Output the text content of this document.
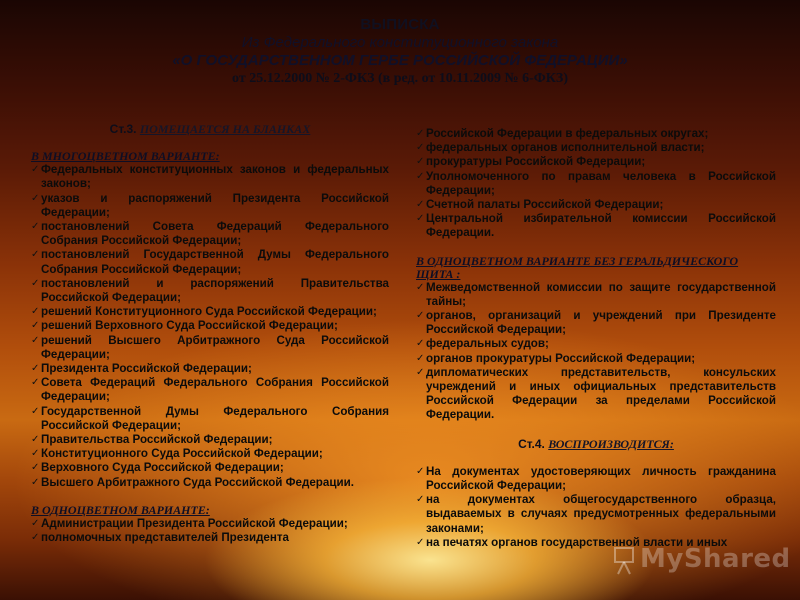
ВЫПИСКА
Из Федерального конституционного закона
«О ГОСУДАРСТВЕННОМ ГЕРБЕ РОССИЙСКОЙ ФЕДЕРАЦИИ»
от 25.12.2000 № 2-ФКЗ (в ред. от 10.11.2009 № 6-ФКЗ)
Ст.3. ПОМЕЩАЕТСЯ НА БЛАНКАХ
В МНОГОЦВЕТНОМ ВАРИАНТЕ:
✓ Федеральных конституционных законов и федеральных законов;
✓ указов и распоряжений Президента Российской Федерации;
✓ постановлений Совета Федераций Федерального Собрания Российской Федерации;
✓ постановлений Государственной Думы Федерального Собрания Российской Федерации;
✓ постановлений и распоряжений Правительства Российской Федерации;
✓ решений Конституционного Суда Российской Федерации;
✓ решений Верховного Суда Российской Федерации;
✓ решений Высшего Арбитражного Суда Российской Федерации;
✓ Президента Российской Федерации;
✓ Совета Федераций Федерального Собрания Российской Федерации;
✓ Государственной Думы Федерального Собрания Российской Федерации;
✓ Правительства Российской Федерации;
✓ Конституционного Суда Российской Федерации;
✓ Верховного Суда Российской Федерации;
✓ Высшего Арбитражного Суда Российской Федерации.
В ОДНОЦВЕТНОМ ВАРИАНТЕ:
✓ Администрации Президента Российской Федерации;
✓ полномочных представителей Президента
✓ Российской Федерации в федеральных округах;
✓ федеральных органов исполнительной власти;
✓ прокуратуры Российской Федерации;
✓ Уполномоченного по правам человека в Российской Федерации;
✓ Счетной палаты Российской Федерации;
✓ Центральной избирательной комиссии Российской Федерации.
В ОДНОЦВЕТНОМ ВАРИАНТЕ БЕЗ ГЕРАЛЬДИЧЕСКОГО ЩИТА :
✓ Межведомственной комиссии по защите государственной тайны;
✓ органов, организаций и учреждений при Президенте Российской Федерации;
✓ федеральных судов;
✓ органов прокуратуры Российской Федерации;
✓ дипломатических представительств, консульских учреждений и иных официальных представительств Российской Федерации за пределами Российской Федерации.
Ст.4. ВОСПРОИЗВОДИТСЯ:
✓ На документах удостоверяющих личность гражданина Российской Федерации;
✓ на документах общегосударственного образца, выдаваемых в случаях предусмотренных федеральными законами;
✓ на печатях органов государственной власти и иных
MyShared
